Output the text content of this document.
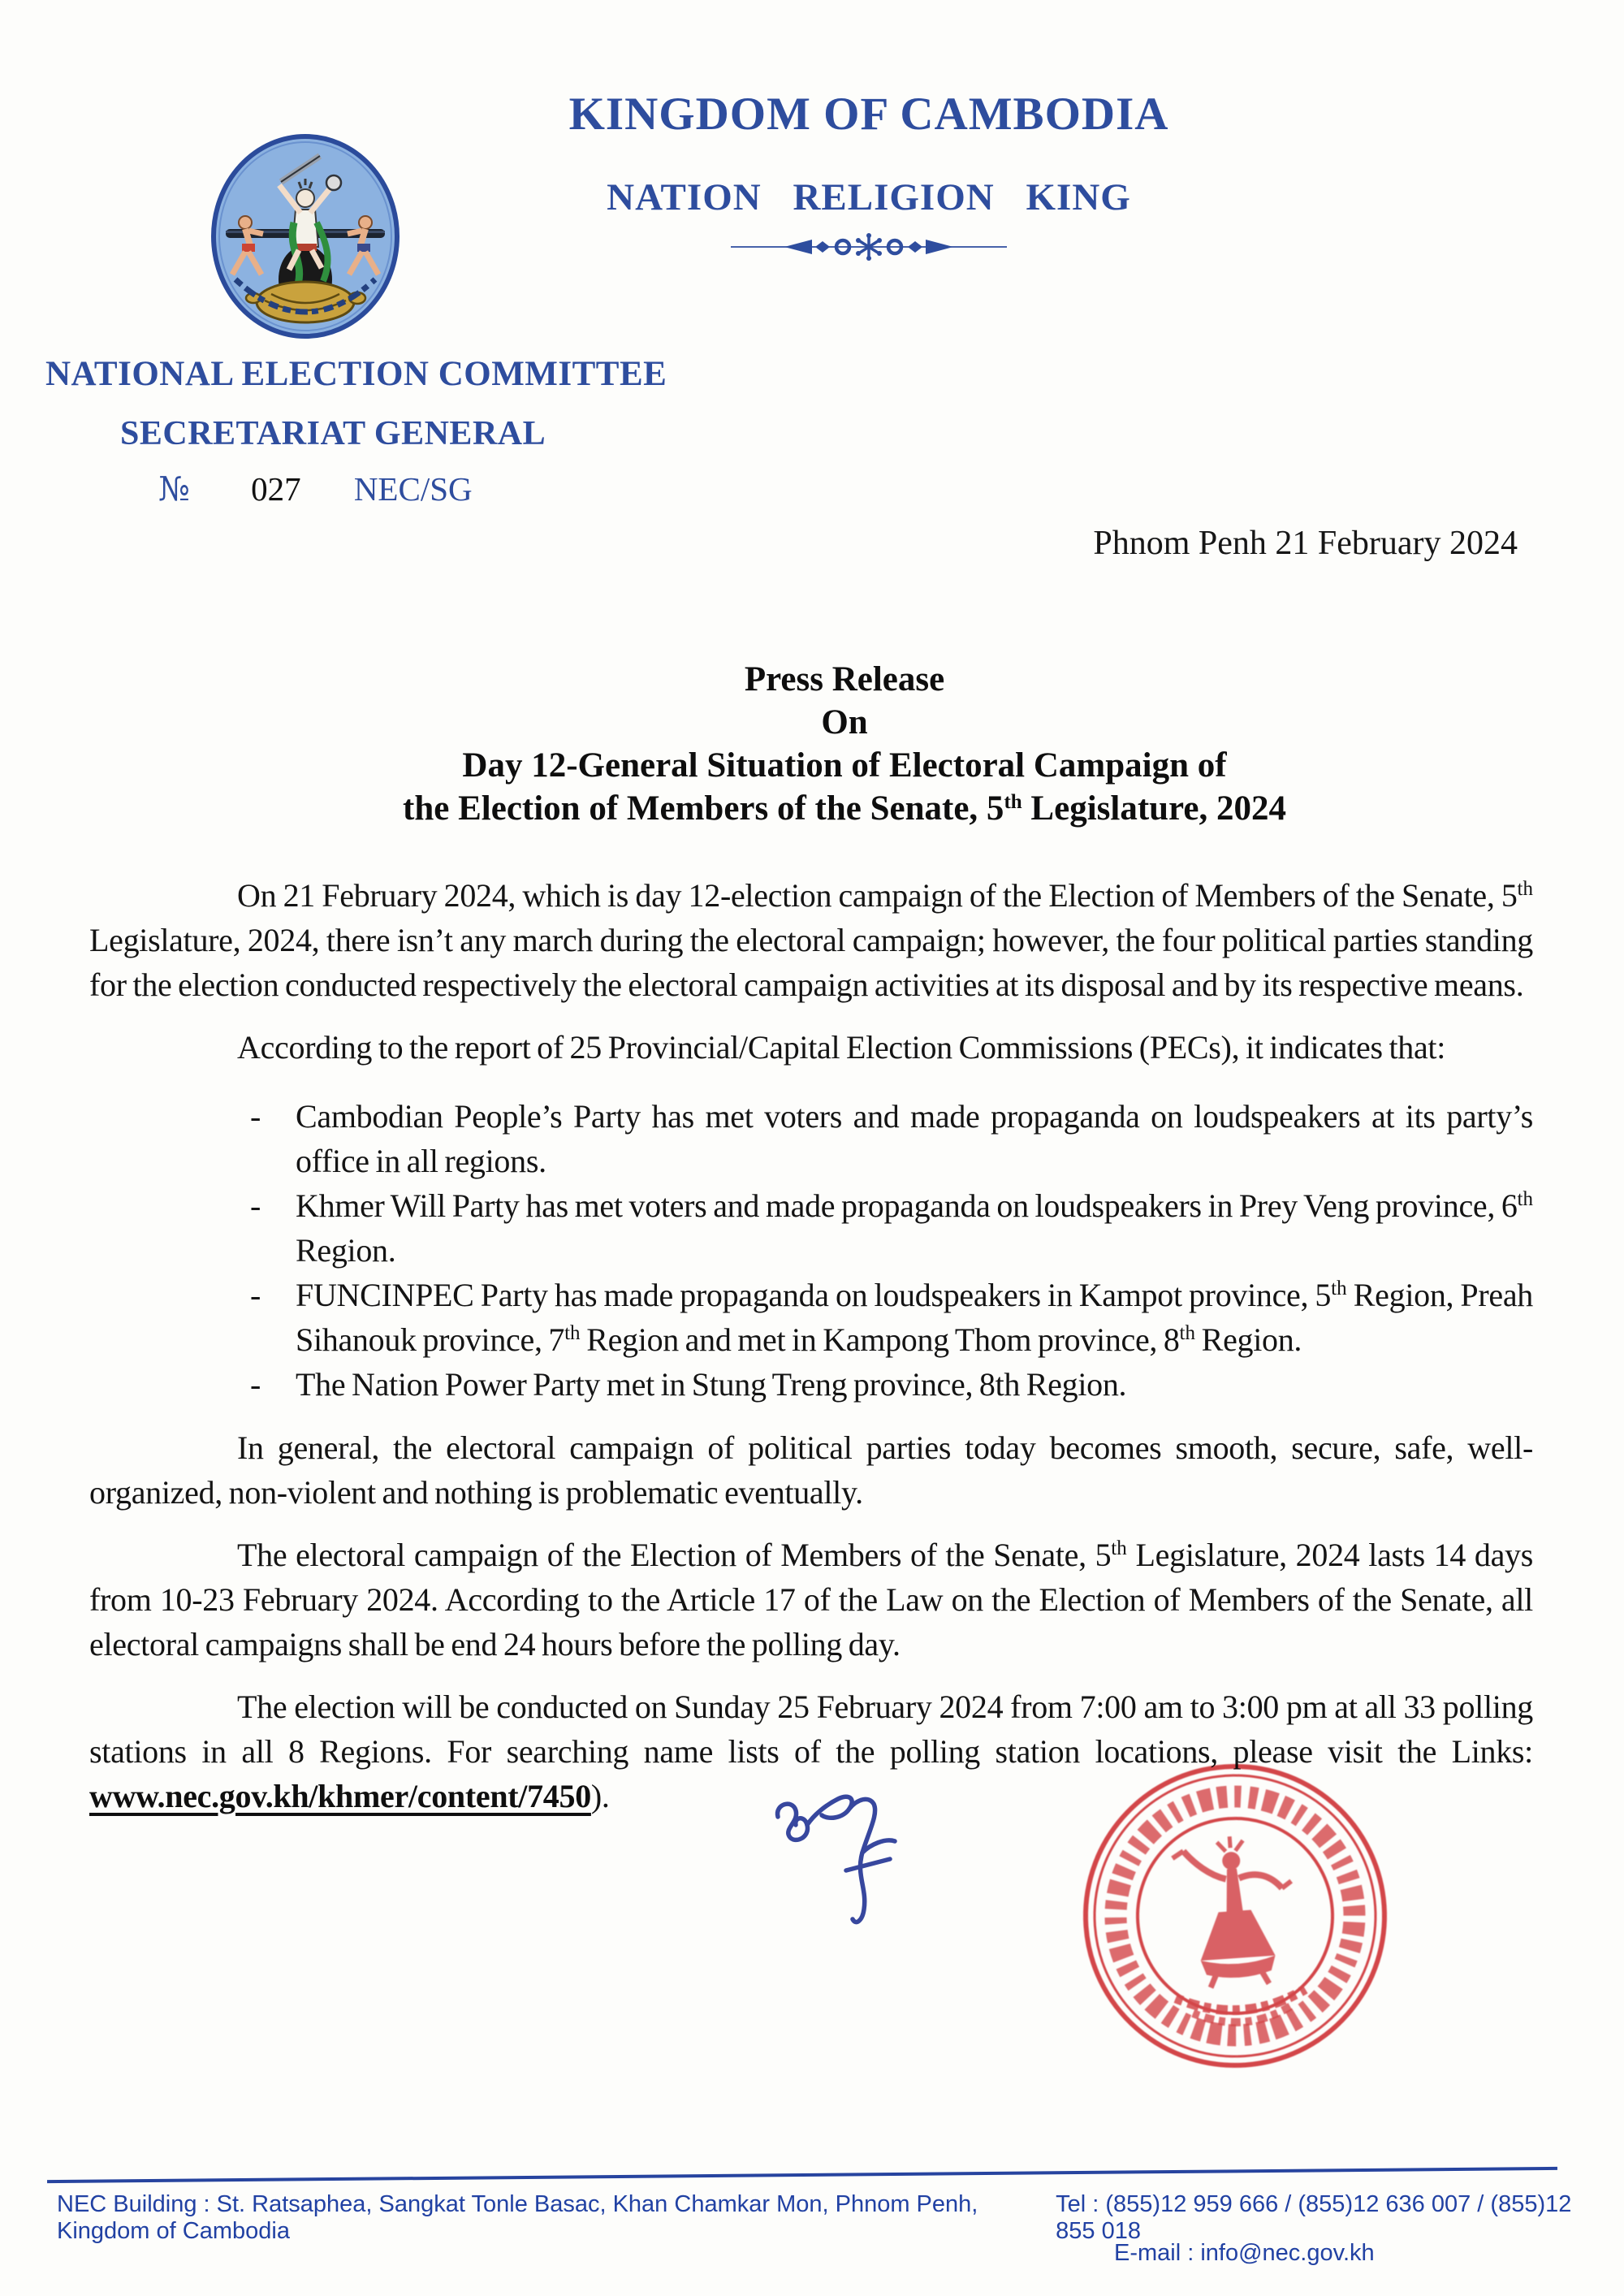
KINGDOM OF CAMBODIA
NATION RELIGION KING
NATIONAL ELECTION COMMITTEE
SECRETARIAT GENERAL
№ 027 NEC/SG
Phnom Penh 21 February 2024
Press Release
On
Day 12-General Situation of Electoral Campaign of
the Election of Members of the Senate, 5th Legislature, 2024

On 21 February 2024, which is day 12-election campaign of the Election of Members of the Senate, 5th Legislature, 2024, there isn’t any march during the electoral campaign; however, the four political parties standing for the election conducted respectively the electoral campaign activities at its disposal and by its respective means.

According to the report of 25 Provincial/Capital Election Commissions (PECs), it indicates that:

- Cambodian People’s Party has met voters and made propaganda on loudspeakers at its party’s office in all regions.
- Khmer Will Party has met voters and made propaganda on loudspeakers in Prey Veng province, 6th Region.
- FUNCINPEC Party has made propaganda on loudspeakers in Kampot province, 5th Region, Preah Sihanouk province, 7th Region and met in Kampong Thom province, 8th Region.
- The Nation Power Party met in Stung Treng province, 8th Region.

In general, the electoral campaign of political parties today becomes smooth, secure, safe, well-organized, non-violent and nothing is problematic eventually.

The electoral campaign of the Election of Members of the Senate, 5th Legislature, 2024 lasts 14 days from 10-23 February 2024. According to the Article 17 of the Law on the Election of Members of the Senate, all electoral campaigns shall be end 24 hours before the polling day.

The election will be conducted on Sunday 25 February 2024 from 7:00 am to 3:00 pm at all 33 polling stations in all 8 Regions. For searching name lists of the polling station locations, please visit the Links: www.nec.gov.kh/khmer/content/7450).

NEC Building : St. Ratsaphea, Sangkat Tonle Basac, Khan Chamkar Mon, Phnom Penh, Kingdom of Cambodia
Tel : (855)12 959 666 / (855)12 636 007 / (855)12 855 018
E-mail : info@nec.gov.kh
